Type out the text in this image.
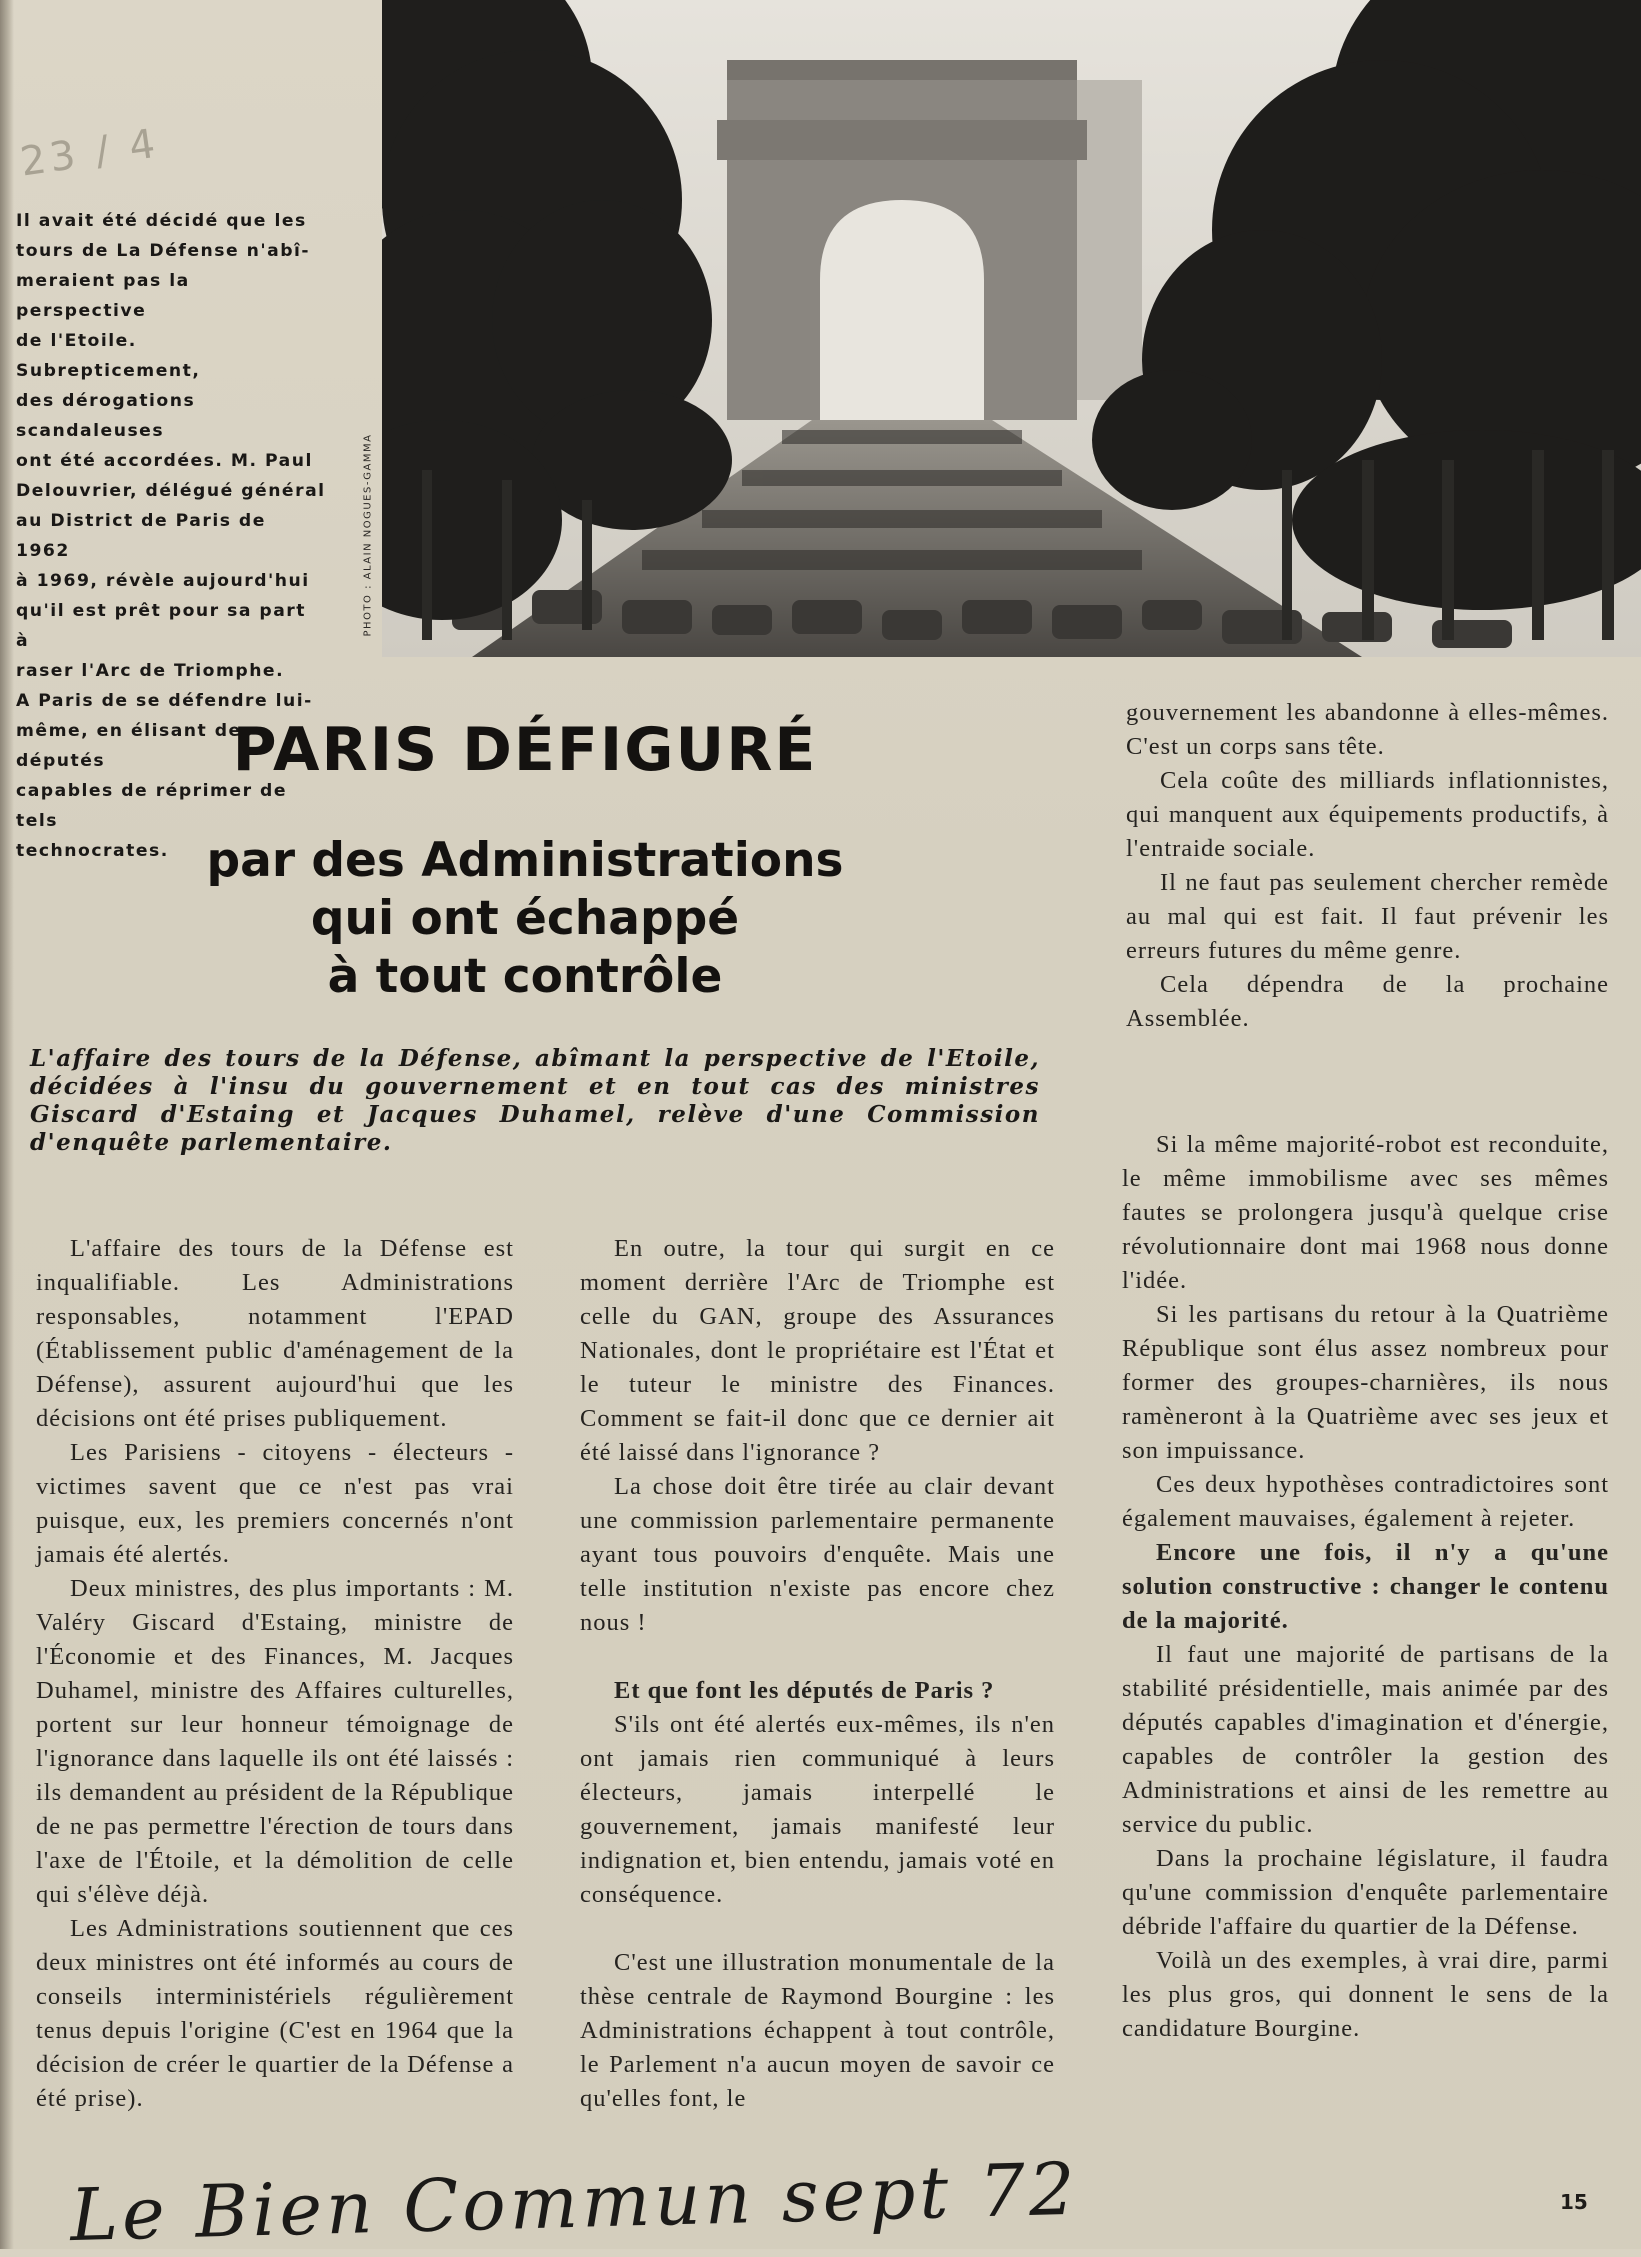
23 / 4
Il avait été décidé que les
tours de La Défense n'abî-
meraient pas la perspective
de l'Etoile. Subrepticement,
des dérogations scandaleuses
ont été accordées. M. Paul
Delouvrier, délégué général
au District de Paris de 1962
à 1969, révèle aujourd'hui
qu'il est prêt pour sa part à
raser l'Arc de Triomphe.
A Paris de se défendre lui-
même, en élisant des députés
capables de réprimer de tels
technocrates.
PHOTO : ALAIN NOGUES-GAMMA
PARIS DÉFIGURÉ
par des Administrations
qui ont échappé
à tout contrôle

L'affaire des tours de la Défense, abîmant la perspective de l'Etoile, décidées à l'insu du gouvernement et en tout cas des ministres Giscard d'Estaing et Jacques Duhamel, relève d'une Commission d'enquête parlementaire.

L'affaire des tours de la Défense est inqualifiable. Les Administrations responsables, notamment l'EPAD (Établissement public d'aménagement de la Défense), assurent aujourd'hui que les décisions ont été prises publiquement.

Les Parisiens - citoyens - électeurs - victimes savent que ce n'est pas vrai puisque, eux, les premiers concernés n'ont jamais été alertés.

Deux ministres, des plus importants : M. Valéry Giscard d'Estaing, ministre de l'Économie et des Finances, M. Jacques Duhamel, ministre des Affaires culturelles, portent sur leur honneur témoignage de l'ignorance dans laquelle ils ont été laissés : ils demandent au président de la République de ne pas permettre l'érection de tours dans l'axe de l'Étoile, et la démolition de celle qui s'élève déjà.

Les Administrations soutiennent que ces deux ministres ont été informés au cours de conseils interministériels régulièrement tenus depuis l'origine (C'est en 1964 que la décision de créer le quartier de la Défense a été prise).

En outre, la tour qui surgit en ce moment derrière l'Arc de Triomphe est celle du GAN, groupe des Assurances Nationales, dont le propriétaire est l'État et le tuteur le ministre des Finances. Comment se fait-il donc que ce dernier ait été laissé dans l'ignorance ?

La chose doit être tirée au clair devant une commission parlementaire permanente ayant tous pouvoirs d'enquête. Mais une telle institution n'existe pas encore chez nous !

Et que font les députés de Paris ?

S'ils ont été alertés eux-mêmes, ils n'en ont jamais rien communiqué à leurs électeurs, jamais interpellé le gouvernement, jamais manifesté leur indignation et, bien entendu, jamais voté en conséquence.

C'est une illustration monumentale de la thèse centrale de Raymond Bourgine : les Administrations échappent à tout contrôle, le Parlement n'a aucun moyen de savoir ce qu'elles font, le

gouvernement les abandonne à elles-mêmes. C'est un corps sans tête.

Cela coûte des milliards inflationnistes, qui manquent aux équipements productifs, à l'entraide sociale.

Il ne faut pas seulement chercher remède au mal qui est fait. Il faut prévenir les erreurs futures du même genre.

Cela dépendra de la prochaine Assemblée.

Si la même majorité-robot est reconduite, le même immobilisme avec ses mêmes fautes se prolongera jusqu'à quelque crise révolutionnaire dont mai 1968 nous donne l'idée.

Si les partisans du retour à la Quatrième République sont élus assez nombreux pour former des groupes-charnières, ils nous ramèneront à la Quatrième avec ses jeux et son impuissance.

Ces deux hypothèses contradictoires sont également mauvaises, également à rejeter.

Encore une fois, il n'y a qu'une solution constructive : changer le contenu de la majorité.

Il faut une majorité de partisans de la stabilité présidentielle, mais animée par des députés capables d'imagination et d'énergie, capables de contrôler la gestion des Administrations et ainsi de les remettre au service du public.

Dans la prochaine législature, il faudra qu'une commission d'enquête parlementaire débride l'affaire du quartier de la Défense.

Voilà un des exemples, à vrai dire, parmi les plus gros, qui donnent le sens de la candidature Bourgine.

Le Bien Commun sept 72	15
